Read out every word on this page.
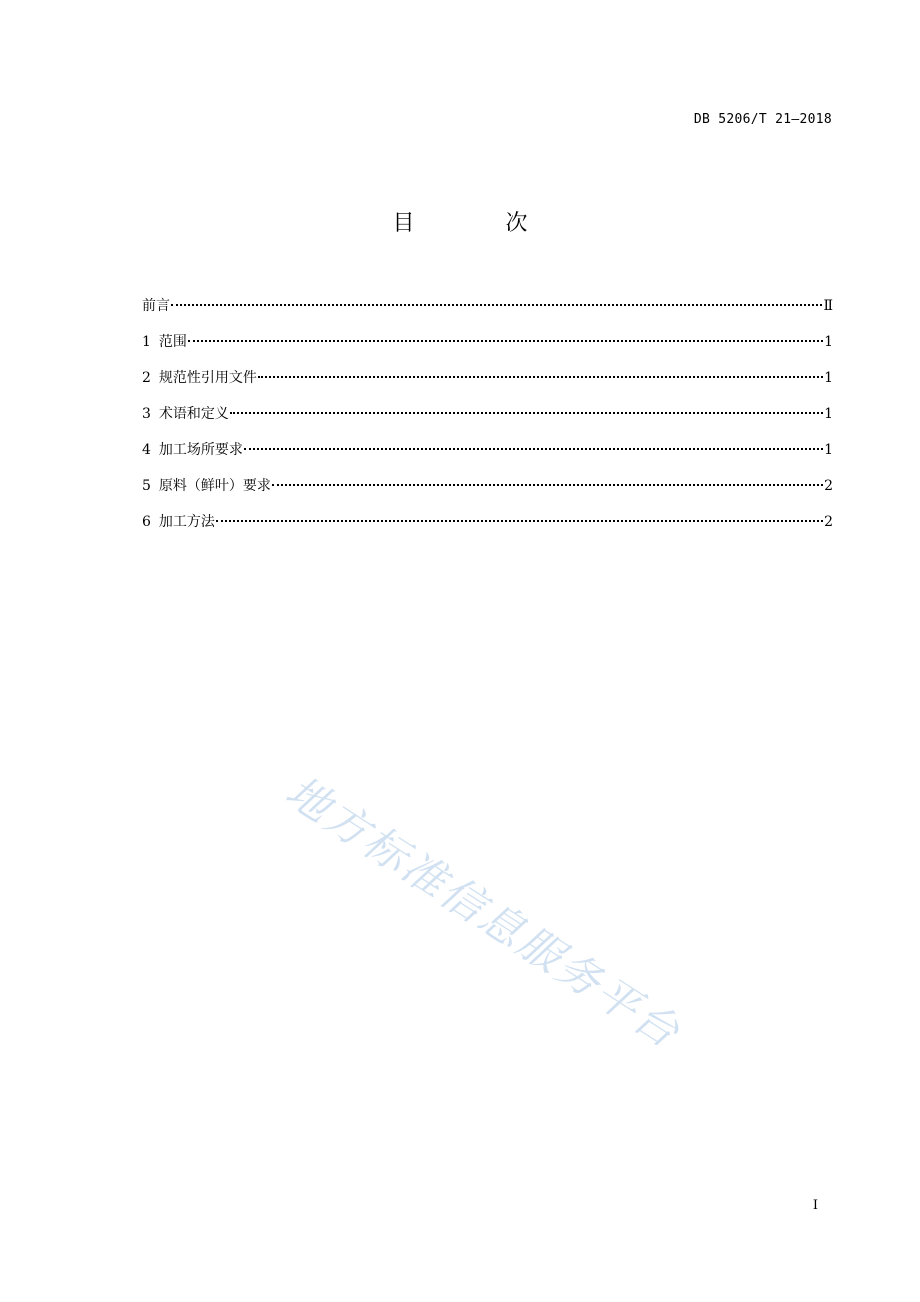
DB 5206/T 21—2018
目 次
前言	Ⅱ
1 范围	1
2 规范性引用文件	1
3 术语和定义	1
4 加工场所要求	1
5 原料（鲜叶）要求	2
6 加工方法	2
地方标准信息服务平台
I
